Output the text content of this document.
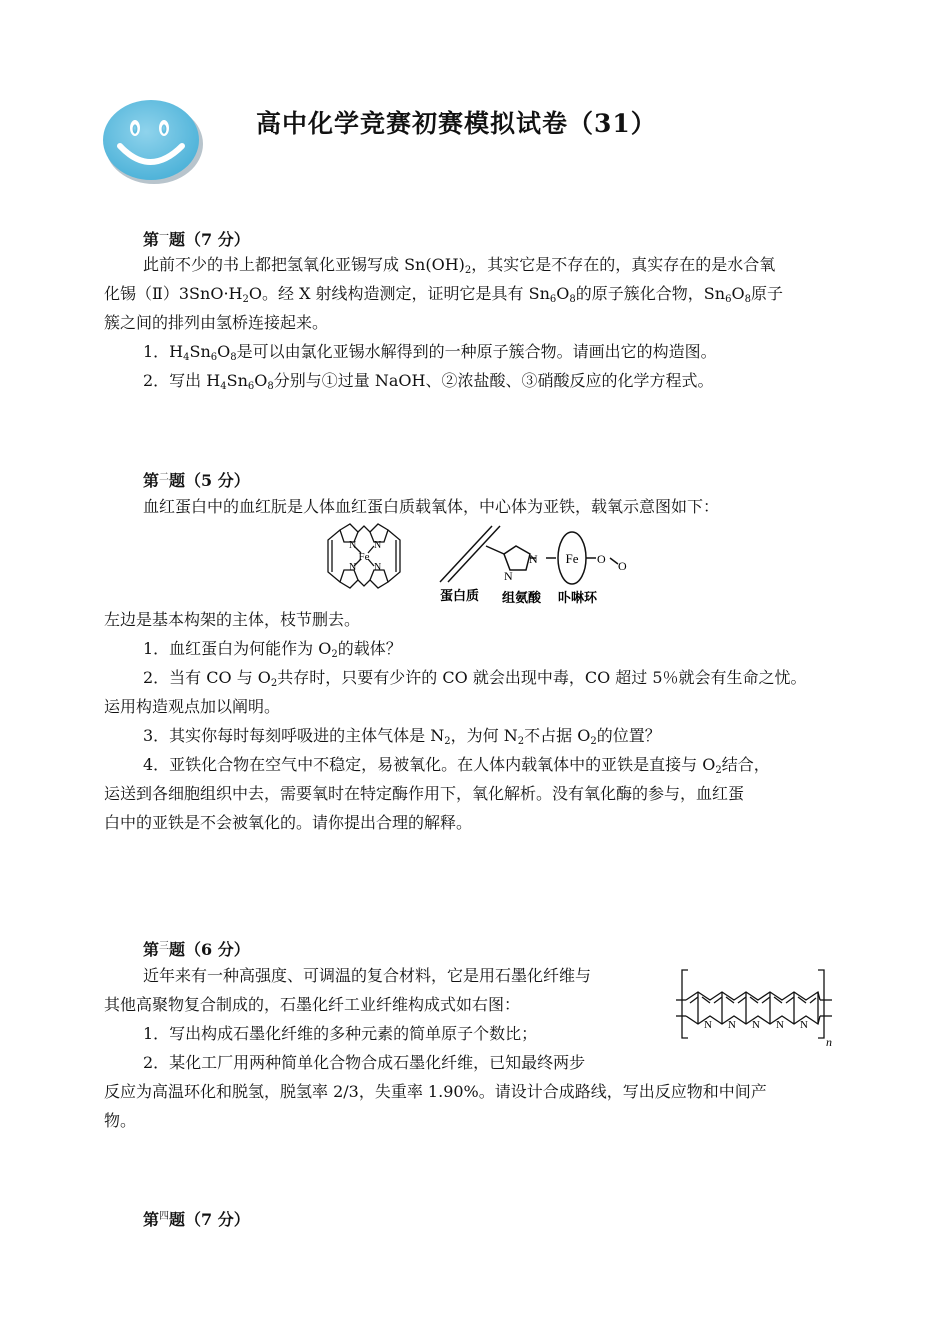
高中化学竞赛初赛模拟试卷（31）
第$^一$题（7 分）
此前不少的书上都把氢氧化亚锡写成 $Sn(OH)_2$，其实它是不存在的，真实存在的是水合氧
化锡$(Ⅱ)3SnO\cdot H_2O$。经 X 射线构造测定，证明它是具有 $Sn_6O_8$的原子簇化合物，$Sn_6O_8$原子
簇之间的排列由氢桥连接起来。
1．$H_4Sn_6O_8$是可以由氯化亚锡水解得到的一种原子簇合物。请画出它的构造图。
2．写出 $H_4Sn_6O_8$分别与①过量 NaOH、②浓盐酸、③硝酸反应的化学方程式。
第$^二$题（5 分）
血红蛋白中的血红朊是人体血红蛋白质载氧体，中心体为亚铁，载氧示意图如下：
Fe
N N
N N
N
N
Fe O O
蛋白质 组氨酸 卟啉环
左边是基本构架的主体，枝节删去。
1．血红蛋白为何能作为 $O_2$的载体？
2．当有 CO 与 $O_2$共存时，只要有少许的 CO 就会出现中毒，CO 超过 5％就会有生命之忧。
运用构造观点加以阐明。
3．其实你每时每刻呼吸进的主体气体是 $N_2$，为何 $N_2$不占据 $O_2$的位置？
4．亚铁化合物在空气中不稳定，易被氧化。在人体内载氧体中的亚铁是直接与 $O_2$结合，
运送到各细胞组织中去，需要氧时在特定酶作用下，氧化解析。没有氧化酶的参与，血红蛋
白中的亚铁是不会被氧化的。请你提出合理的解释。
第$^三$题（6 分）
近年来有一种高强度、可调温的复合材料，它是用石墨化纤维与
其他高聚物复合制成的，石墨化纤工业纤维构成式如右图：
1．写出构成石墨化纤维的多种元素的简单原子个数比；
2．某化工厂用两种简单化合物合成石墨化纤维，已知最终两步
反应为高温环化和脱氢，脱氢率 2/3，失重率 1.90%。请设计合成路线，写出反应物和中间产
物。
N N N N N
n
第$^四$题（7 分）
